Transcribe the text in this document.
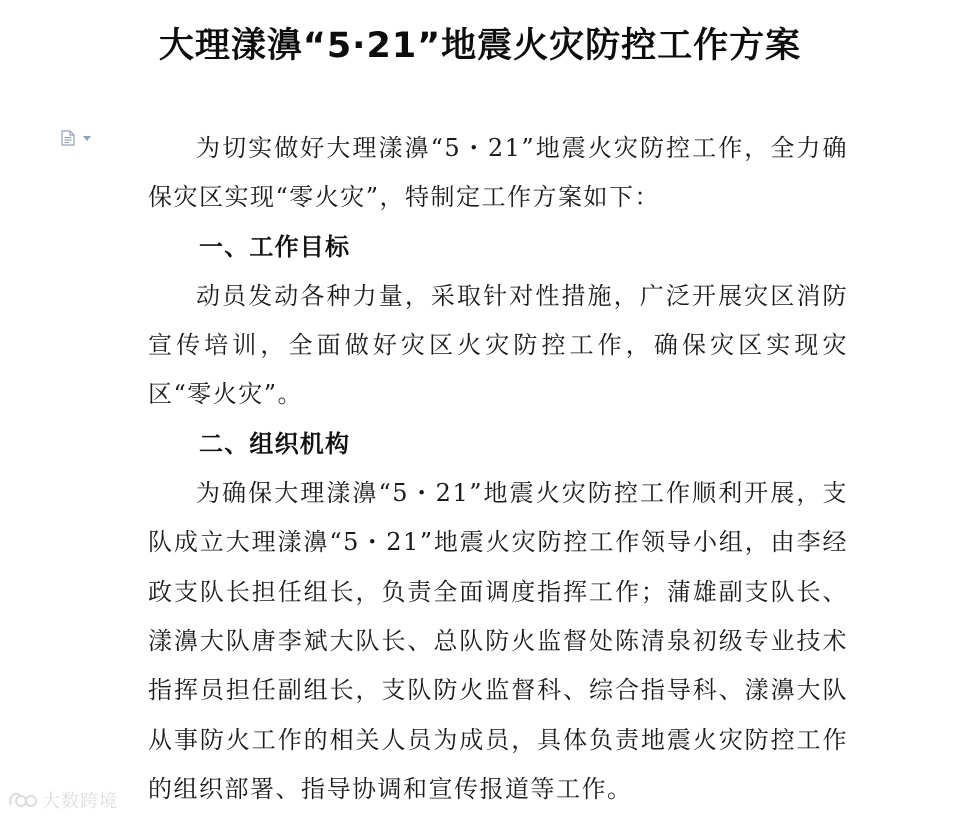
大理漾濞“5·21”地震火灾防控工作方案

为切实做好大理漾濞“5・21”地震火灾防控工作，全力确保灾区实现“零火灾”，特制定工作方案如下：

一、工作目标

动员发动各种力量，采取针对性措施，广泛开展灾区消防宣传培训，全面做好灾区火灾防控工作，确保灾区实现灾区“零火灾”。

二、组织机构

为确保大理漾濞“5・21”地震火灾防控工作顺利开展，支队成立大理漾濞“5・21”地震火灾防控工作领导小组，由李经政支队长担任组长，负责全面调度指挥工作；蒲雄副支队长、漾濞大队唐李斌大队长、总队防火监督处陈清泉初级专业技术指挥员担任副组长，支队防火监督科、综合指导科、漾濞大队从事防火工作的相关人员为成员，具体负责地震火灾防控工作的组织部署、指导协调和宣传报道等工作。

大数跨境
